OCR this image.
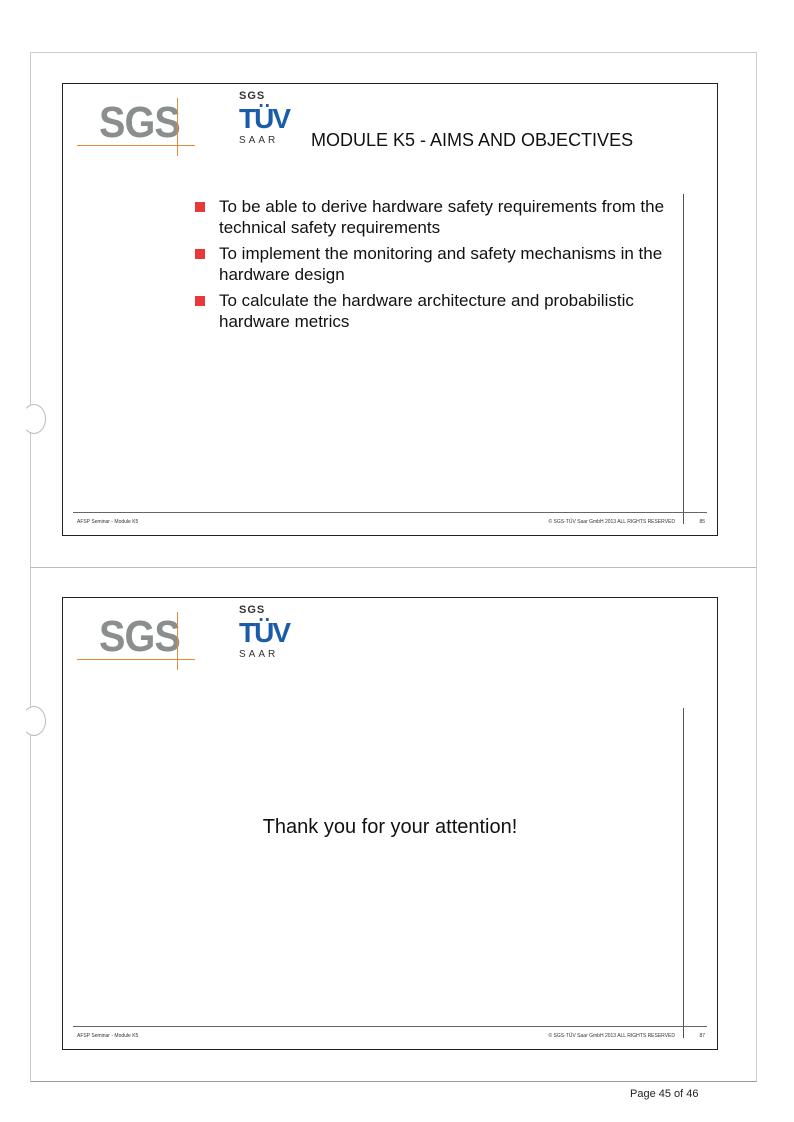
SGS
SGS
TÜV
SAAR	MODULE K5 - AIMS AND OBJECTIVES
To be able to derive hardware safety requirements from the technical safety requirements
To implement the monitoring and safety mechanisms in the hardware design
To calculate the hardware architecture and probabilistic hardware metrics
AFSP Seminar - Module K5	© SGS-TÜV Saar GmbH 2013 ALL RIGHTS RESERVED	85
SGS
SGS
TÜV
SAAR
Thank you for your attention!
AFSP Seminar - Module K5	© SGS-TÜV Saar GmbH 2013 ALL RIGHTS RESERVED	87
Page 45 of 46
